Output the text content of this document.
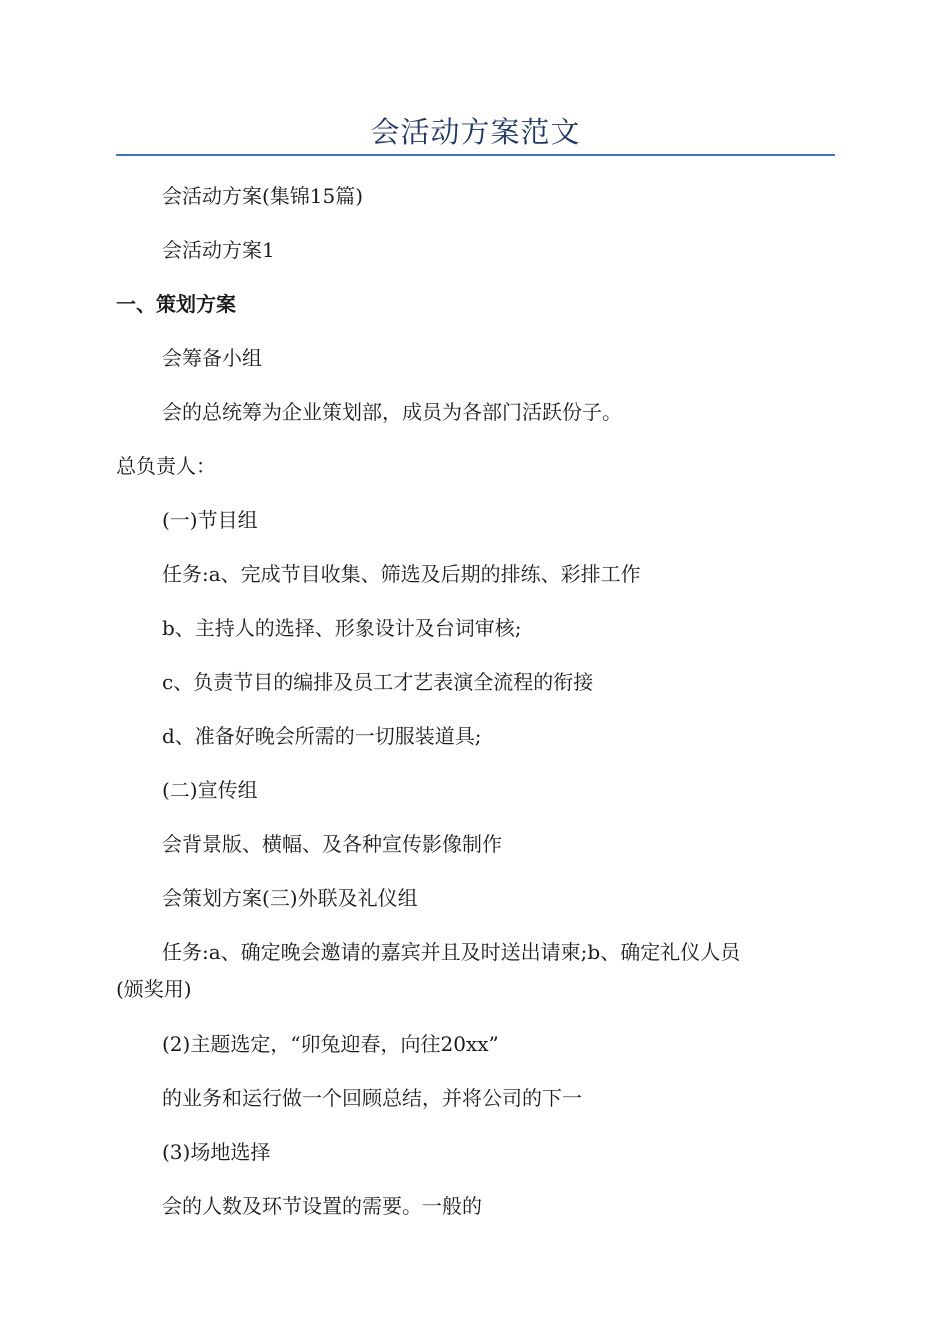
会活动方案范文
会活动方案(集锦15篇)
会活动方案1
一、策划方案
会筹备小组
会的总统筹为企业策划部，成员为各部门活跃份子。
总负责人：
(一)节目组
任务:a、完成节目收集、筛选及后期的排练、彩排工作
b、主持人的选择、形象设计及台词审核;
c、负责节目的编排及员工才艺表演全流程的衔接
d、准备好晚会所需的一切服装道具;
(二)宣传组
会背景版、横幅、及各种宣传影像制作
会策划方案(三)外联及礼仪组
任务:a、确定晚会邀请的嘉宾并且及时送出请柬;b、确定礼仪人员
(颁奖用)
(2)主题选定，“卯兔迎春，向往20xx”
的业务和运行做一个回顾总结，并将公司的下一
(3)场地选择
会的人数及环节设置的需要。一般的
